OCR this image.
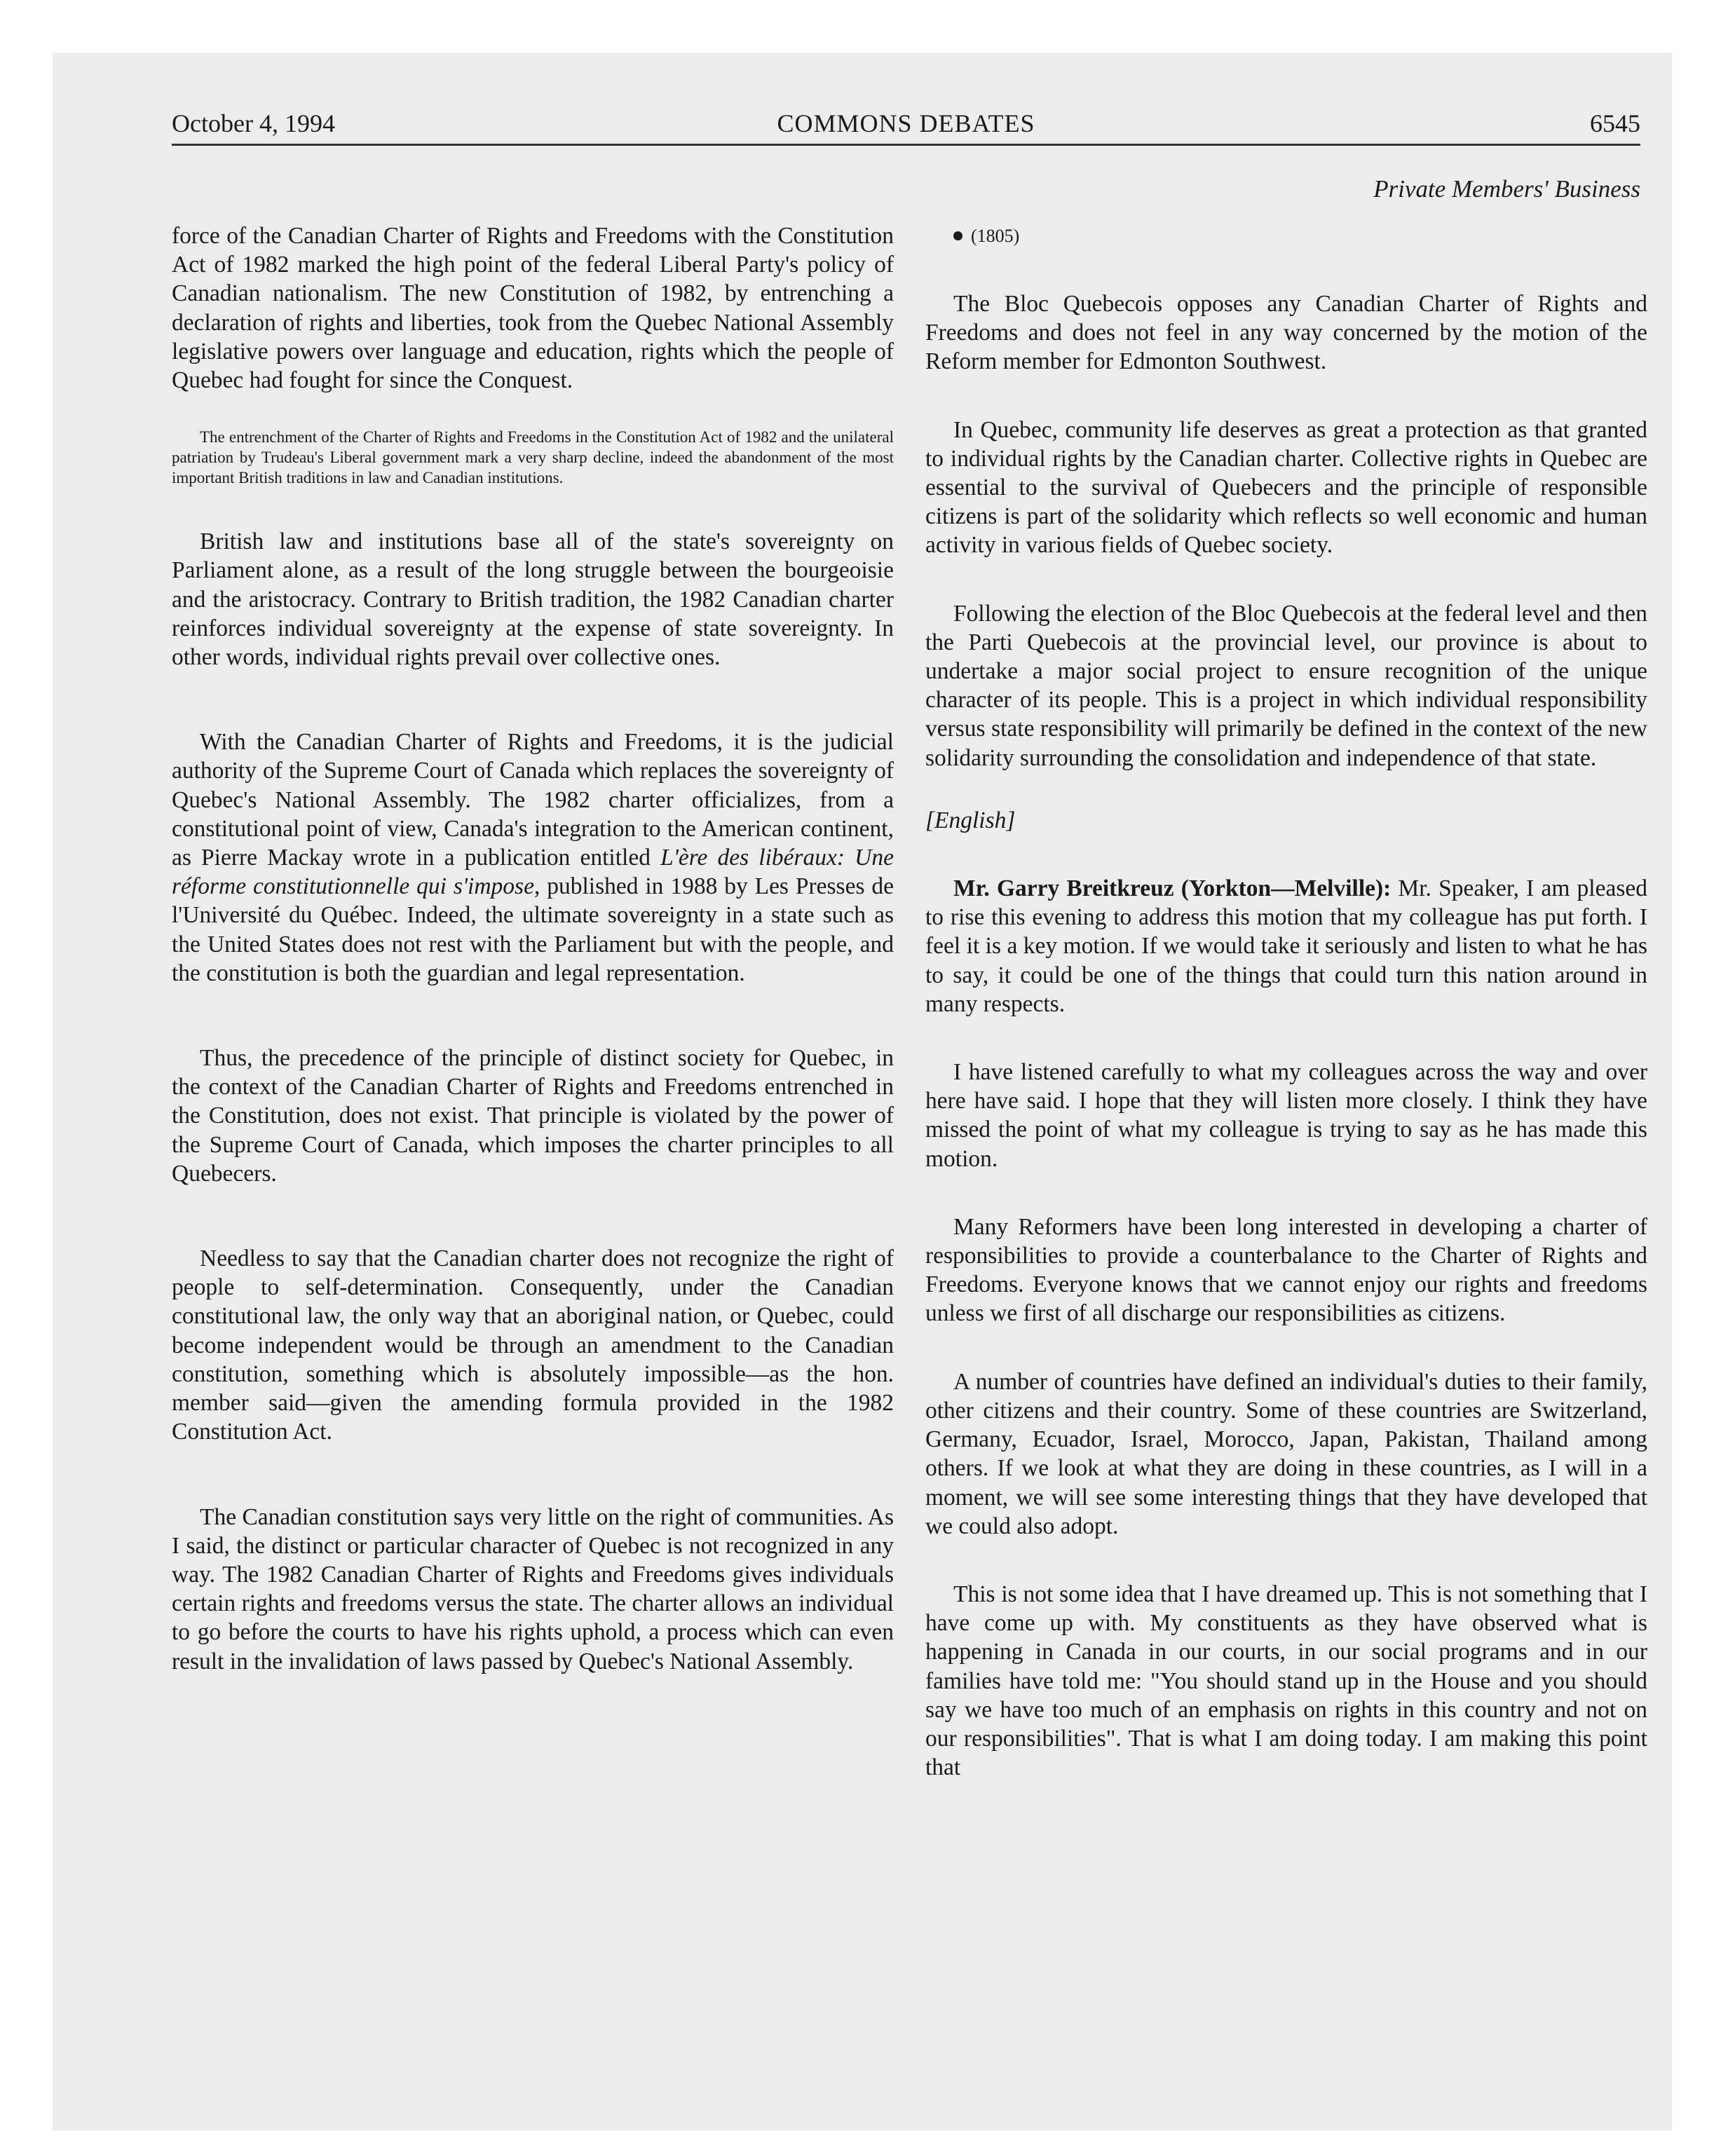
COMMONS DEBATES
October 4, 1994	6545
Private Members' Business

force of the Canadian Charter of Rights and Freedoms with the Constitution Act of 1982 marked the high point of the federal Liberal Party's policy of Canadian nationalism. The new Constitution of 1982, by entrenching a declaration of rights and liberties, took from the Quebec National Assembly legislative powers over language and education, rights which the people of Quebec had fought for since the Conquest.

The entrenchment of the Charter of Rights and Freedoms in the Constitution Act of 1982 and the unilateral patriation by Trudeau's Liberal government mark a very sharp decline, indeed the abandonment of the most important British traditions in law and Canadian institutions.

British law and institutions base all of the state's sovereignty on Parliament alone, as a result of the long struggle between the bourgeoisie and the aristocracy. Contrary to British tradition, the 1982 Canadian charter reinforces individual sovereignty at the expense of state sovereignty. In other words, individual rights prevail over collective ones.

With the Canadian Charter of Rights and Freedoms, it is the judicial authority of the Supreme Court of Canada which replaces the sovereignty of Quebec's National Assembly. The 1982 charter officializes, from a constitutional point of view, Canada's integration to the American continent, as Pierre Mackay wrote in a publication entitled L'ère des libéraux: Une réforme constitutionnelle qui s'impose, published in 1988 by Les Presses de l'Université du Québec. Indeed, the ultimate sovereignty in a state such as the United States does not rest with the Parliament but with the people, and the constitution is both the guardian and legal representation.

Thus, the precedence of the principle of distinct society for Quebec, in the context of the Canadian Charter of Rights and Freedoms entrenched in the Constitution, does not exist. That principle is violated by the power of the Supreme Court of Canada, which imposes the charter principles to all Quebecers.

Needless to say that the Canadian charter does not recognize the right of people to self-determination. Consequently, under the Canadian constitutional law, the only way that an aboriginal nation, or Quebec, could become independent would be through an amendment to the Canadian constitution, something which is absolutely impossible—as the hon. member said—given the amending formula provided in the 1982 Constitution Act.

The Canadian constitution says very little on the right of communities. As I said, the distinct or particular character of Quebec is not recognized in any way. The 1982 Canadian Charter of Rights and Freedoms gives individuals certain rights and freedoms versus the state. The charter allows an individual to go before the courts to have his rights uphold, a process which can even result in the invalidation of laws passed by Quebec's National Assembly.

(1805)

The Bloc Quebecois opposes any Canadian Charter of Rights and Freedoms and does not feel in any way concerned by the motion of the Reform member for Edmonton Southwest.

In Quebec, community life deserves as great a protection as that granted to individual rights by the Canadian charter. Collective rights in Quebec are essential to the survival of Quebecers and the principle of responsible citizens is part of the solidarity which reflects so well economic and human activity in various fields of Quebec society.

Following the election of the Bloc Quebecois at the federal level and then the Parti Quebecois at the provincial level, our province is about to undertake a major social project to ensure recognition of the unique character of its people. This is a project in which individual responsibility versus state responsibility will primarily be defined in the context of the new solidarity surrounding the consolidation and independence of that state.

[English]

Mr. Garry Breitkreuz (Yorkton—Melville): Mr. Speaker, I am pleased to rise this evening to address this motion that my colleague has put forth. I feel it is a key motion. If we would take it seriously and listen to what he has to say, it could be one of the things that could turn this nation around in many respects.

I have listened carefully to what my colleagues across the way and over here have said. I hope that they will listen more closely. I think they have missed the point of what my colleague is trying to say as he has made this motion.

Many Reformers have been long interested in developing a charter of responsibilities to provide a counterbalance to the Charter of Rights and Freedoms. Everyone knows that we cannot enjoy our rights and freedoms unless we first of all discharge our responsibilities as citizens.

A number of countries have defined an individual's duties to their family, other citizens and their country. Some of these countries are Switzerland, Germany, Ecuador, Israel, Morocco, Japan, Pakistan, Thailand among others. If we look at what they are doing in these countries, as I will in a moment, we will see some interesting things that they have developed that we could also adopt.

This is not some idea that I have dreamed up. This is not something that I have come up with. My constituents as they have observed what is happening in Canada in our courts, in our social programs and in our families have told me: "You should stand up in the House and you should say we have too much of an emphasis on rights in this country and not on our responsibilities". That is what I am doing today. I am making this point that
